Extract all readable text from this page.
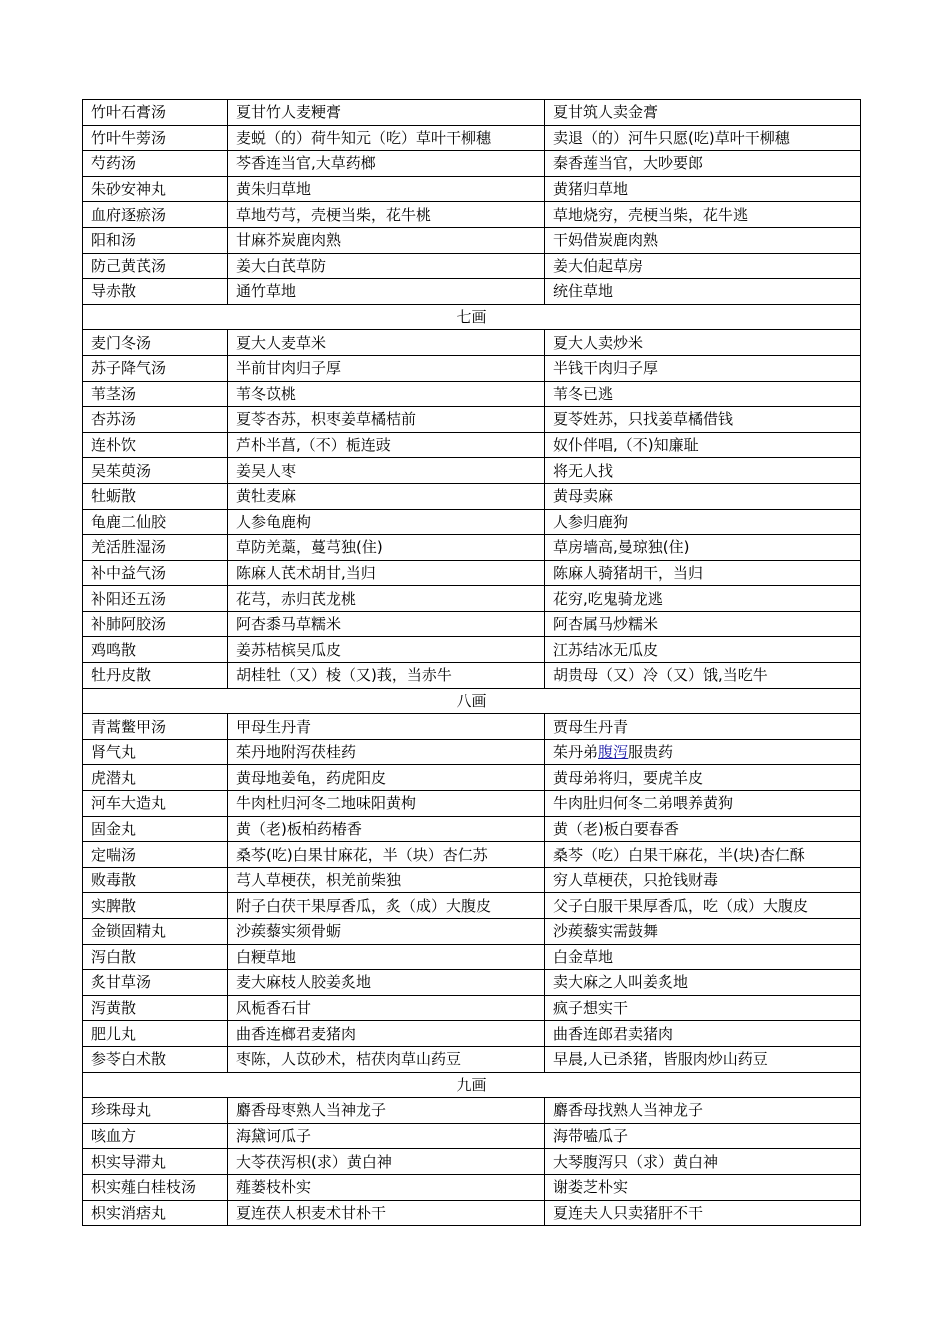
竹叶石膏汤	夏甘竹人麦粳膏	夏甘筑人卖金膏
竹叶牛蒡汤	麦蜕（的）荷牛知元（吃）草叶干柳穗	卖退（的）河牛只愿(吃)草叶干柳穗
芍药汤	芩香连当官,大草药榔	秦香莲当官，大吵要郎
朱砂安神丸	黄朱归草地	黄猪归草地
血府逐瘀汤	草地芍芎，壳梗当柴，花牛桃	草地烧穷，壳梗当柴，花牛逃
阳和汤	甘麻芥炭鹿肉熟	干妈借炭鹿肉熟
防己黄芪汤	姜大白芪草防	姜大伯起草房
导赤散	通竹草地	统住草地
七画		
麦门冬汤	夏大人麦草米	夏大人卖炒米
苏子降气汤	半前甘肉归子厚	半钱干肉归子厚
苇茎汤	苇冬苡桃	苇冬已逃
杏苏汤	夏苓杏苏，枳枣姜草橘桔前	夏苓姓苏，只找姜草橘借钱
连朴饮	芦朴半菖,（不）栀连豉	奴仆伴唱,（不)知廉耻
吴茱萸汤	姜吴人枣	将无人找
牡蛎散	黄牡麦麻	黄母卖麻
龟鹿二仙胶	人参龟鹿枸	人参归鹿狗
羌活胜湿汤	草防羌藁，蔓芎独(住)	草房墙高,曼琼独(住)
补中益气汤	陈麻人芪术胡甘,当归	陈麻人骑猪胡干，当归
补阳还五汤	花芎，赤归芪龙桃	花穷,吃鬼骑龙逃
补肺阿胶汤	阿杏黍马草糯米	阿杏属马炒糯米
鸡鸣散	姜苏桔槟吴瓜皮	江苏结冰无瓜皮
牡丹皮散	胡桂牡（又）棱（又)莪，当赤牛	胡贵母（又）冷（又）饿,当吃牛
八画		
青蒿鳖甲汤	甲母生丹青	贾母生丹青
肾气丸	茱丹地附泻茯桂药	茱丹弟腹泻服贵药
虎潜丸	黄母地姜龟，药虎阳皮	黄母弟将归，要虎羊皮
河车大造丸	牛肉杜归河冬二地味阳黄枸	牛肉肚归何冬二弟喂养黄狗
固金丸	黄（老)板柏药椿香	黄（老)板白要春香
定喘汤	桑芩(吃)白果甘麻花，半（块）杏仁苏	桑芩（吃）白果干麻花，半(块)杏仁酥
败毒散	芎人草梗茯，枳羌前柴独	穷人草梗茯，只抢钱财毒
实脾散	附子白茯干果厚香瓜，炙（成）大腹皮	父子白服干果厚香瓜，吃（成）大腹皮
金锁固精丸	沙蒺藜实须骨蛎	沙蒺藜实需鼓舞
泻白散	白粳草地	白金草地
炙甘草汤	麦大麻枝人胶姜炙地	卖大麻之人叫姜炙地
泻黄散	风栀香石甘	疯子想实干
肥儿丸	曲香连榔君麦猪肉	曲香连郎君卖猪肉
参苓白术散	枣陈，人苡砂术，桔茯肉草山药豆	早晨,人已杀猪，皆服肉炒山药豆
九画		
珍珠母丸	麝香母枣熟人当神龙子	麝香母找熟人当神龙子
咳血方	海黛诃瓜子	海带嗑瓜子
枳实导滞丸	大苓茯泻枳(求）黄白神	大琴腹泻只（求）黄白神
枳实薤白桂枝汤	薤蒌枝朴实	谢娄芝朴实
枳实消痞丸	夏连茯人枳麦术甘朴干	夏连夫人只卖猪肝不干
